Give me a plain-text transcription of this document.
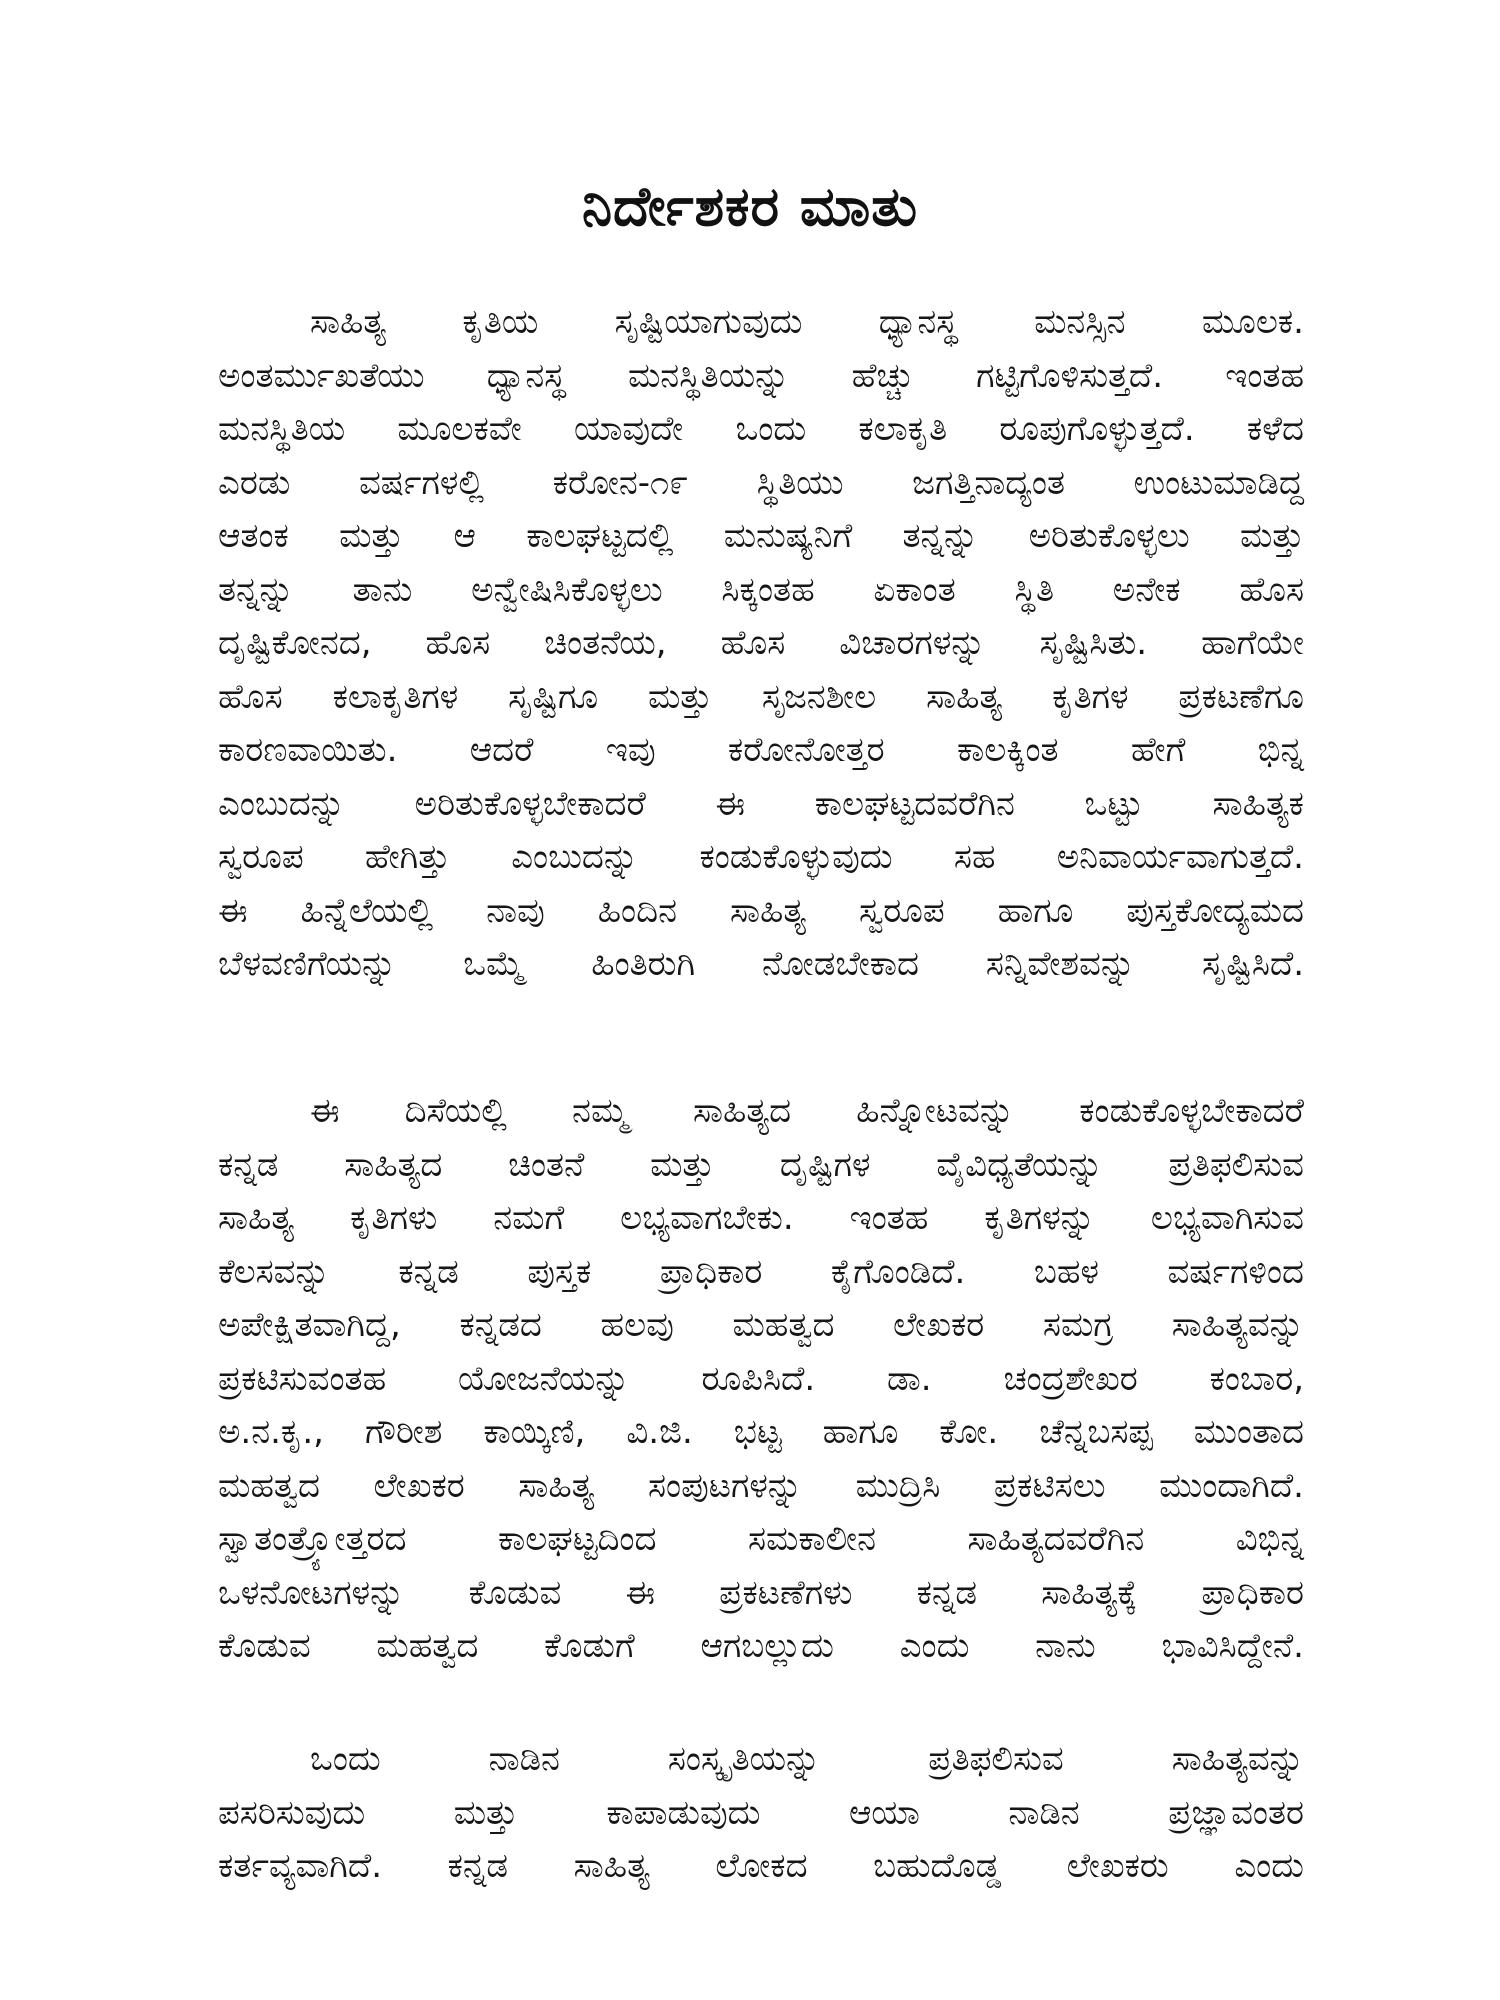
ನಿರ್ದೇಶಕರ ಮಾತು
ಸಾಹಿತ್ಯ ಕೃತಿಯ ಸೃಷ್ಟಿಯಾಗುವುದು ಧ್ಯಾನಸ್ಥ ಮನಸ್ಸಿನ ಮೂಲಕ.
ಅಂತರ್ಮುಖತೆಯು ಧ್ಯಾನಸ್ಥ ಮನಸ್ಥಿತಿಯನ್ನು ಹೆಚ್ಚು ಗಟ್ಟಿಗೊಳಿಸುತ್ತದೆ. ಇಂತಹ
ಮನಸ್ಥಿತಿಯ ಮೂಲಕವೇ ಯಾವುದೇ ಒಂದು ಕಲಾಕೃತಿ ರೂಪುಗೊಳ್ಳುತ್ತದೆ. ಕಳೆದ
ಎರಡು ವರ್ಷಗಳಲ್ಲಿ ಕರೋನ-೧೯ ಸ್ಥಿತಿಯು ಜಗತ್ತಿನಾದ್ಯಂತ ಉಂಟುಮಾಡಿದ್ದ
ಆತಂಕ ಮತ್ತು ಆ ಕಾಲಘಟ್ಟದಲ್ಲಿ ಮನುಷ್ಯನಿಗೆ ತನ್ನನ್ನು ಅರಿತುಕೊಳ್ಳಲು ಮತ್ತು
ತನ್ನನ್ನು ತಾನು ಅನ್ವೇಷಿಸಿಕೊಳ್ಳಲು ಸಿಕ್ಕಂತಹ ಏಕಾಂತ ಸ್ಥಿತಿ ಅನೇಕ ಹೊಸ
ದೃಷ್ಟಿಕೋನದ, ಹೊಸ ಚಿಂತನೆಯ, ಹೊಸ ವಿಚಾರಗಳನ್ನು ಸೃಷ್ಟಿಸಿತು. ಹಾಗೆಯೇ
ಹೊಸ ಕಲಾಕೃತಿಗಳ ಸೃಷ್ಟಿಗೂ ಮತ್ತು ಸೃಜನಶೀಲ ಸಾಹಿತ್ಯ ಕೃತಿಗಳ ಪ್ರಕಟಣೆಗೂ
ಕಾರಣವಾಯಿತು. ಆದರೆ ಇವು ಕರೋನೋತ್ತರ ಕಾಲಕ್ಕಿಂತ ಹೇಗೆ ಭಿನ್ನ
ಎಂಬುದನ್ನು ಅರಿತುಕೊಳ್ಳಬೇಕಾದರೆ ಈ ಕಾಲಘಟ್ಟದವರೆಗಿನ ಒಟ್ಟು ಸಾಹಿತ್ಯಕ
ಸ್ವರೂಪ ಹೇಗಿತ್ತು ಎಂಬುದನ್ನು ಕಂಡುಕೊಳ್ಳುವುದು ಸಹ ಅನಿವಾರ್ಯವಾಗುತ್ತದೆ.
ಈ ಹಿನ್ನೆಲೆಯಲ್ಲಿ ನಾವು ಹಿಂದಿನ ಸಾಹಿತ್ಯ ಸ್ವರೂಪ ಹಾಗೂ ಪುಸ್ತಕೋದ್ಯಮದ
ಬೆಳವಣಿಗೆಯನ್ನು ಒಮ್ಮೆ ಹಿಂತಿರುಗಿ ನೋಡಬೇಕಾದ ಸನ್ನಿವೇಶವನ್ನು ಸೃಷ್ಟಿಸಿದೆ.
ಈ ದಿಸೆಯಲ್ಲಿ ನಮ್ಮ ಸಾಹಿತ್ಯದ ಹಿನ್ನೋಟವನ್ನು ಕಂಡುಕೊಳ್ಳಬೇಕಾದರೆ
ಕನ್ನಡ ಸಾಹಿತ್ಯದ ಚಿಂತನೆ ಮತ್ತು ದೃಷ್ಟಿಗಳ ವೈವಿಧ್ಯತೆಯನ್ನು ಪ್ರತಿಫಲಿಸುವ
ಸಾಹಿತ್ಯ ಕೃತಿಗಳು ನಮಗೆ ಲಭ್ಯವಾಗಬೇಕು. ಇಂತಹ ಕೃತಿಗಳನ್ನು ಲಭ್ಯವಾಗಿಸುವ
ಕೆಲಸವನ್ನು ಕನ್ನಡ ಪುಸ್ತಕ ಪ್ರಾಧಿಕಾರ ಕೈಗೊಂಡಿದೆ. ಬಹಳ ವರ್ಷಗಳಿಂದ
ಅಪೇಕ್ಷಿತವಾಗಿದ್ದ, ಕನ್ನಡದ ಹಲವು ಮಹತ್ವದ ಲೇಖಕರ ಸಮಗ್ರ ಸಾಹಿತ್ಯವನ್ನು
ಪ್ರಕಟಿಸುವಂತಹ ಯೋಜನೆಯನ್ನು ರೂಪಿಸಿದೆ. ಡಾ. ಚಂದ್ರಶೇಖರ ಕಂಬಾರ,
ಅ.ನ.ಕೃ., ಗೌರೀಶ ಕಾಯ್ಕಿಣಿ, ವಿ.ಜಿ. ಭಟ್ಟ ಹಾಗೂ ಕೋ. ಚೆನ್ನಬಸಪ್ಪ ಮುಂತಾದ
ಮಹತ್ವದ ಲೇಖಕರ ಸಾಹಿತ್ಯ ಸಂಪುಟಗಳನ್ನು ಮುದ್ರಿಸಿ ಪ್ರಕಟಿಸಲು ಮುಂದಾಗಿದೆ.
ಸ್ವಾತಂತ್ರ್ಯೋತ್ತರದ ಕಾಲಘಟ್ಟದಿಂದ ಸಮಕಾಲೀನ ಸಾಹಿತ್ಯದವರೆಗಿನ ವಿಭಿನ್ನ
ಒಳನೋಟಗಳನ್ನು ಕೊಡುವ ಈ ಪ್ರಕಟಣೆಗಳು ಕನ್ನಡ ಸಾಹಿತ್ಯಕ್ಕೆ ಪ್ರಾಧಿಕಾರ
ಕೊಡುವ ಮಹತ್ವದ ಕೊಡುಗೆ ಆಗಬಲ್ಲುದು ಎಂದು ನಾನು ಭಾವಿಸಿದ್ದೇನೆ.
ಒಂದು ನಾಡಿನ ಸಂಸ್ಕೃತಿಯನ್ನು ಪ್ರತಿಫಲಿಸುವ ಸಾಹಿತ್ಯವನ್ನು
ಪಸರಿಸುವುದು ಮತ್ತು ಕಾಪಾಡುವುದು ಆಯಾ ನಾಡಿನ ಪ್ರಜ್ಞಾವಂತರ
ಕರ್ತವ್ಯವಾಗಿದೆ. ಕನ್ನಡ ಸಾಹಿತ್ಯ ಲೋಕದ ಬಹುದೊಡ್ಡ ಲೇಖಕರು ಎಂದು
